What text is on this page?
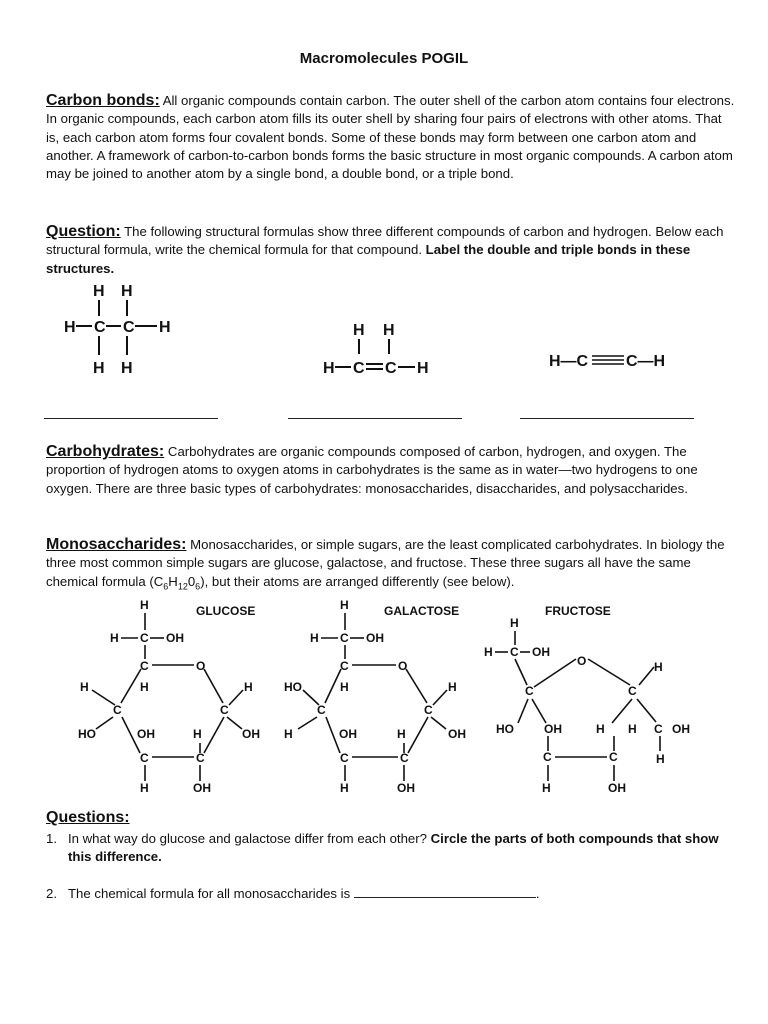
Macromolecules POGIL
Carbon bonds: All organic compounds contain carbon. The outer shell of the carbon atom contains four electrons. In organic compounds, each carbon atom fills its outer shell by sharing four pairs of electrons with other atoms. That is, each carbon atom forms four covalent bonds. Some of these bonds may form between one carbon atom and another. A framework of carbon-to-carbon bonds forms the basic structure in most organic compounds. A carbon atom may be joined to another atom by a single bond, a double bond, or a triple bond.
Question: The following structural formulas show three different compounds of carbon and hydrogen. Below each structural formula, write the chemical formula for that compound. Label the double and triple bonds in these structures.
H H
H C C H
H H
H H
H C C H	H—C C—H
Carbohydrates: Carbohydrates are organic compounds composed of carbon, hydrogen, and oxygen. The proportion of hydrogen atoms to oxygen atoms in carbohydrates is the same as in water—two hydrogens to one oxygen. There are three basic types of carbohydrates: monosaccharides, disaccharides, and polysaccharides.
Monosaccharides: Monosaccharides, or simple sugars, are the least complicated carbohydrates. In biology the three most common simple sugars are glucose, galactose, and fructose. These three sugars all have the same chemical formula $(C_6H_{12}0_6)$, but their atoms are arranged differently (see below).
GLUCOSE
H
H C OH
C	O
H	H	H
C	C
HO	OH	H	OH
C	C
H	OH
GALACTOSE
H
H C OH
C	O
HO	H	H
C	C
H	OH	H	OH
C	C
H	OH
FRUCTOSE
H
H C OH
O	H
C	C
HO	OH	H H C OH
C	C	H
H	OH
Questions:
1. In what way do glucose and galactose differ from each other? Circle the parts of both compounds that show this difference.
2. The chemical formula for all monosaccharides is	.
